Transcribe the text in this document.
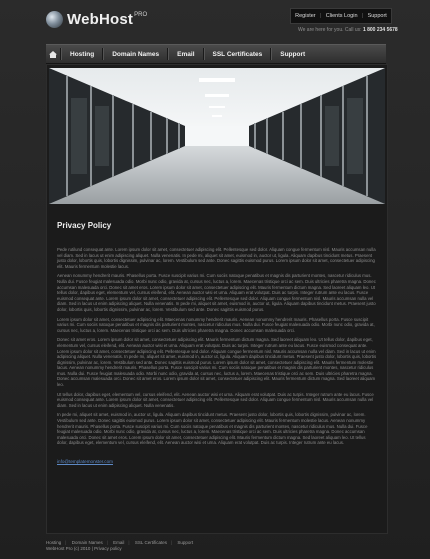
WebHost PRO	Register | Clients Login | Support
We are here for you. Call us: 1 800 234 5678
Hosting	Domain Names	Email	SSL Certificates	Support
Privacy Policy

Pede rutilund consequat ante. Lorem ipsum dolor sit amet, consectetuer adipiscing elit. Pellentesque sed dolor. Aliquam congue fermentum nisl. Mauris accumsan nulla vel diam. Sed in lacus ut enim adipiscing aliquet. Nulla venenatis. In pede mi, aliquet sit amet, euismod in, auctor ut, ligula. Aliquam dapibus tincidunt metus. Praesent justo dolor, lobortis quis, lobortis dignissim, pulvinar ac, lorem. Vestibulum sed ante. Donec sagittis euismod purus. Lorem ipsum dolor sit amet, consectetuer adipiscing elit. Mauris fermentum molestie lacus.

Aenean nonummy hendrerit mauris. Phasellus porta. Fusce suscipit varius mi. Cum sociis natoque penatibus et magnis dis parturient montes, nascetur ridiculus mus. Nulla dui. Fusce feugiat malesuada odio. Morbi nunc odio, gravida at, cursus nec, luctus a, lorem. Maecenas tristique orci ac sem. Duis ultricies pharetra magna. Donec accumsan malesuada orci. Donec sit amet eros. Lorem ipsum dolor sit amet, consectetuer adipiscing elit. Mauris fermentum dictum magna. Sed laoreet aliquam leo. Ut tellus dolor, dapibus eget, elementum vel, cursus eleifend, elit. Aenean auctor wisi et urna. Aliquam erat volutpat. Duis ac turpis. Integer rutrum ante eu lacus. Fusce euismod consequat ante. Lorem ipsum dolor sit amet, consectetuer adipiscing elit. Pellentesque sed dolor. Aliquam congue fermentum nisl. Mauris accumsan nulla vel diam. Sed in lacus ut enim adipiscing aliquet. Nulla venenatis. In pede mi, aliquet sit amet, euismod in, auctor ut, ligula. Aliquam dapibus tincidunt metus. Praesent justo dolor, lobortis quis, lobortis dignissim, pulvinar ac, lorem. Vestibulum sed ante. Donec sagittis euismod purus.

Lorem ipsum dolor sit amet, consectetuer adipiscing elit. Maecenas nonummy hendrerit mauris. Aenean nonummy hendrerit mauris. Phasellus porta. Fusce suscipit varius mi. Cum sociis natoque penatibus et magnis dis parturient montes, nascetur ridiculus mus. Nulla dui. Fusce feugiat malesuada odio. Morbi nunc odio, gravida at, cursus nec, luctus a, lorem. Maecenas tristique orci ac sem. Duis ultricies pharetra magna. Donec accumsan malesuada orci.

Donec sit amet eros. Lorem ipsum dolor sit amet, consectetuer adipiscing elit. Mauris fermentum dictum magna. Sed laoreet aliquam leo. Ut tellus dolor, dapibus eget, elementum vel, cursus eleifend, elit. Aenean auctor wisi et urna. Aliquam erat volutpat. Duis ac turpis. Integer rutrum ante eu lacus. Fusce euismod consequat ante. Lorem ipsum dolor sit amet, consectetuer adipiscing elit. Pellentesque sed dolor. Aliquam congue fermentum nisl. Mauris accumsan nulla vel diam. Sed in lacus ut enim adipiscing aliquet. Nulla venenatis. In pede mi, aliquet sit amet, euismod in, auctor ut, ligula. Aliquam dapibus tincidunt metus. Praesent justo dolor, lobortis quis, lobortis dignissim, pulvinar ac, lorem. Vestibulum sed ante. Donec sagittis euismod purus. Lorem ipsum dolor sit amet, consectetuer adipiscing elit. Mauris fermentum molestie lacus. Aenean nonummy hendrerit mauris. Phasellus porta. Fusce suscipit varius mi. Cum sociis natoque penatibus et magnis dis parturient montes, nascetur ridiculus mus. Nulla dui. Fusce feugiat malesuada odio. Morbi nunc odio, gravida at, cursus nec, luctus a, lorem. Maecenas tristique orci ac sem. Duis ultricies pharetra magna. Donec accumsan malesuada orci. Donec sit amet eros. Lorem ipsum dolor sit amet, consectetuer adipiscing elit. Mauris fermentum dictum magna. Sed laoreet aliquam leo.

Ut tellus dolor, dapibus eget, elementum vel, cursus eleifend, elit. Aenean auctor wisi et urna. Aliquam erat volutpat. Duis ac turpis. Integer rutrum ante eu lacus. Fusce euismod consequat ante. Lorem ipsum dolor sit amet, consectetuer adipiscing elit. Pellentesque sed dolor. Aliquam congue fermentum nisl. Mauris accumsan nulla vel diam. Sed in lacus ut enim adipiscing aliquet. Nulla venenatis.

In pede mi, aliquet sit amet, euismod in, auctor ut, ligula. Aliquam dapibus tincidunt metus. Praesent justo dolor, lobortis quis, lobortis dignissim, pulvinar ac, lorem. Vestibulum sed ante. Donec sagittis euismod purus. Lorem ipsum dolor sit amet, consectetuer adipiscing elit. Mauris fermentum molestie lacus. Aenean nonummy hendrerit mauris. Phasellus porta. Fusce suscipit varius mi. Cum sociis natoque penatibus et magnis dis parturient montes, nascetur ridiculus mus. Nulla dui. Fusce feugiat malesuada odio. Morbi nunc odio, gravida at, cursus nec, luctus a, lorem. Maecenas tristique orci ac sem. Duis ultricies pharetra magna. Donec accumsan malesuada orci. Donec sit amet eros. Lorem ipsum dolor sit amet, consectetuer adipiscing elit. Mauris fermentum dictum magna. Sed laoreet aliquam leo. Ut tellus dolor, dapibus eget, elementum vel, cursus eleifend, elit. Aenean auctor wisi et urna. Aliquam erat volutpat. Duis ac turpis. Integer rutrum ante eu lacus.

info@templatemonster.com
Hosting | Domain Names | Email | SSL Certificates | Support
WebHost Pro (c) 2010 | Privacy policy
